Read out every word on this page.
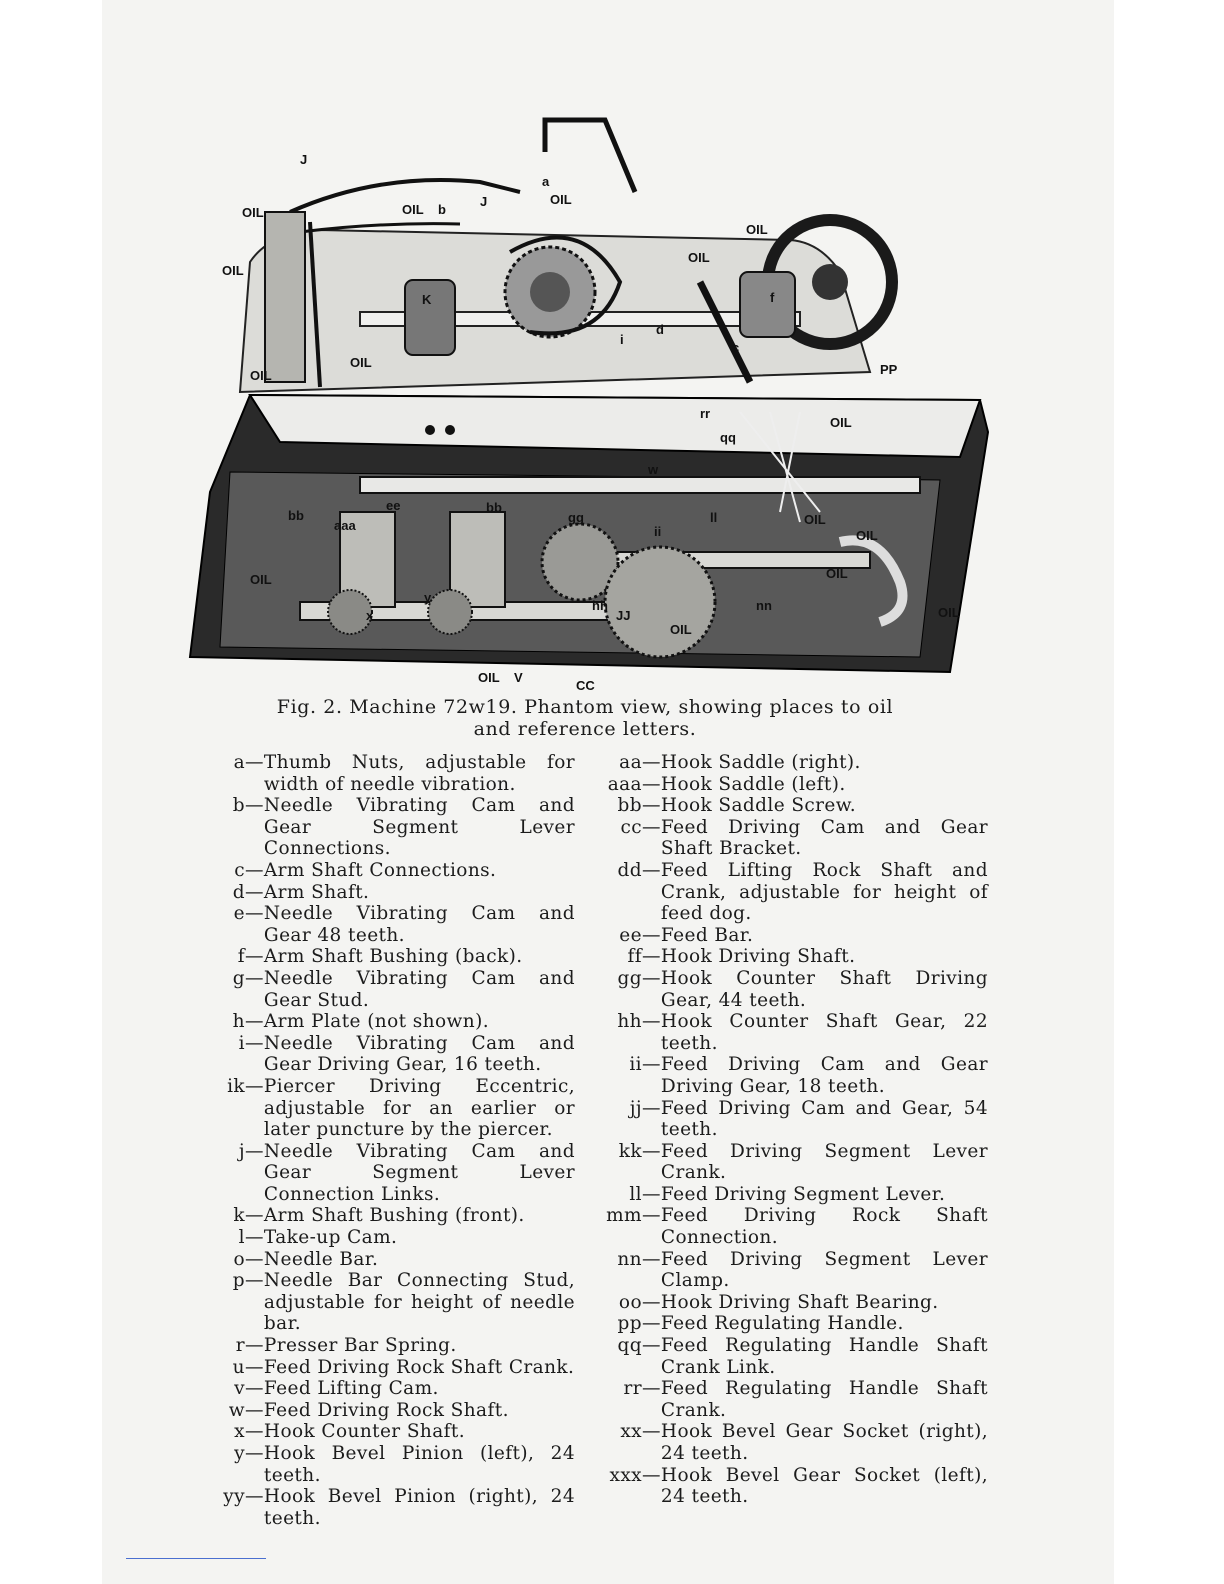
J
OIL
OIL
b
J
a
OIL
OIL
OIL
OIL
K	f
i
d
c
OIL
OIL	PP
rr
qq
OIL
w
bb
aaa
ee	bb
gg
ii
ll	OIL
OIL
OIL
x
y
hh
JJ
OIL V
CC
nn
OIL
OIL
OIL
Fig. 2. Machine 72w19. Phantom view, showing places to oil
and reference letters.
a — Thumb Nuts, adjustable for width of needle vibration.
b — Needle Vibrating Cam and Gear Segment Lever Connections.
c — Arm Shaft Connections.
d — Arm Shaft.
e — Needle Vibrating Cam and Gear 48 teeth.
f — Arm Shaft Bushing (back).
g — Needle Vibrating Cam and Gear Stud.
h — Arm Plate (not shown).
i — Needle Vibrating Cam and Gear Driving Gear, 16 teeth.
ik — Piercer Driving Eccentric, adjustable for an earlier or later puncture by the piercer.
j — Needle Vibrating Cam and Gear Segment Lever Connection Links.
k — Arm Shaft Bushing (front).
l — Take-up Cam.
o — Needle Bar.
p — Needle Bar Connecting Stud, adjustable for height of needle bar.
r — Presser Bar Spring.
u — Feed Driving Rock Shaft Crank.
v — Feed Lifting Cam.
w — Feed Driving Rock Shaft.
x — Hook Counter Shaft.
y — Hook Bevel Pinion (left), 24 teeth.
yy — Hook Bevel Pinion (right), 24 teeth.
aa — Hook Saddle (right).
aaa — Hook Saddle (left).
bb — Hook Saddle Screw.
cc — Feed Driving Cam and Gear Shaft Bracket.
dd — Feed Lifting Rock Shaft and Crank, adjustable for height of feed dog.
ee — Feed Bar.
ff — Hook Driving Shaft.
gg — Hook Counter Shaft Driving Gear, 44 teeth.
hh — Hook Counter Shaft Gear, 22 teeth.
ii — Feed Driving Cam and Gear Driving Gear, 18 teeth.
jj — Feed Driving Cam and Gear, 54 teeth.
kk — Feed Driving Segment Lever Crank.
ll — Feed Driving Segment Lever.
mm — Feed Driving Rock Shaft Connection.
nn — Feed Driving Segment Lever Clamp.
oo — Hook Driving Shaft Bearing.
pp — Feed Regulating Handle.
qq — Feed Regulating Handle Shaft Crank Link.
rr — Feed Regulating Handle Shaft Crank.
xx — Hook Bevel Gear Socket (right), 24 teeth.
xxx — Hook Bevel Gear Socket (left), 24 teeth.
